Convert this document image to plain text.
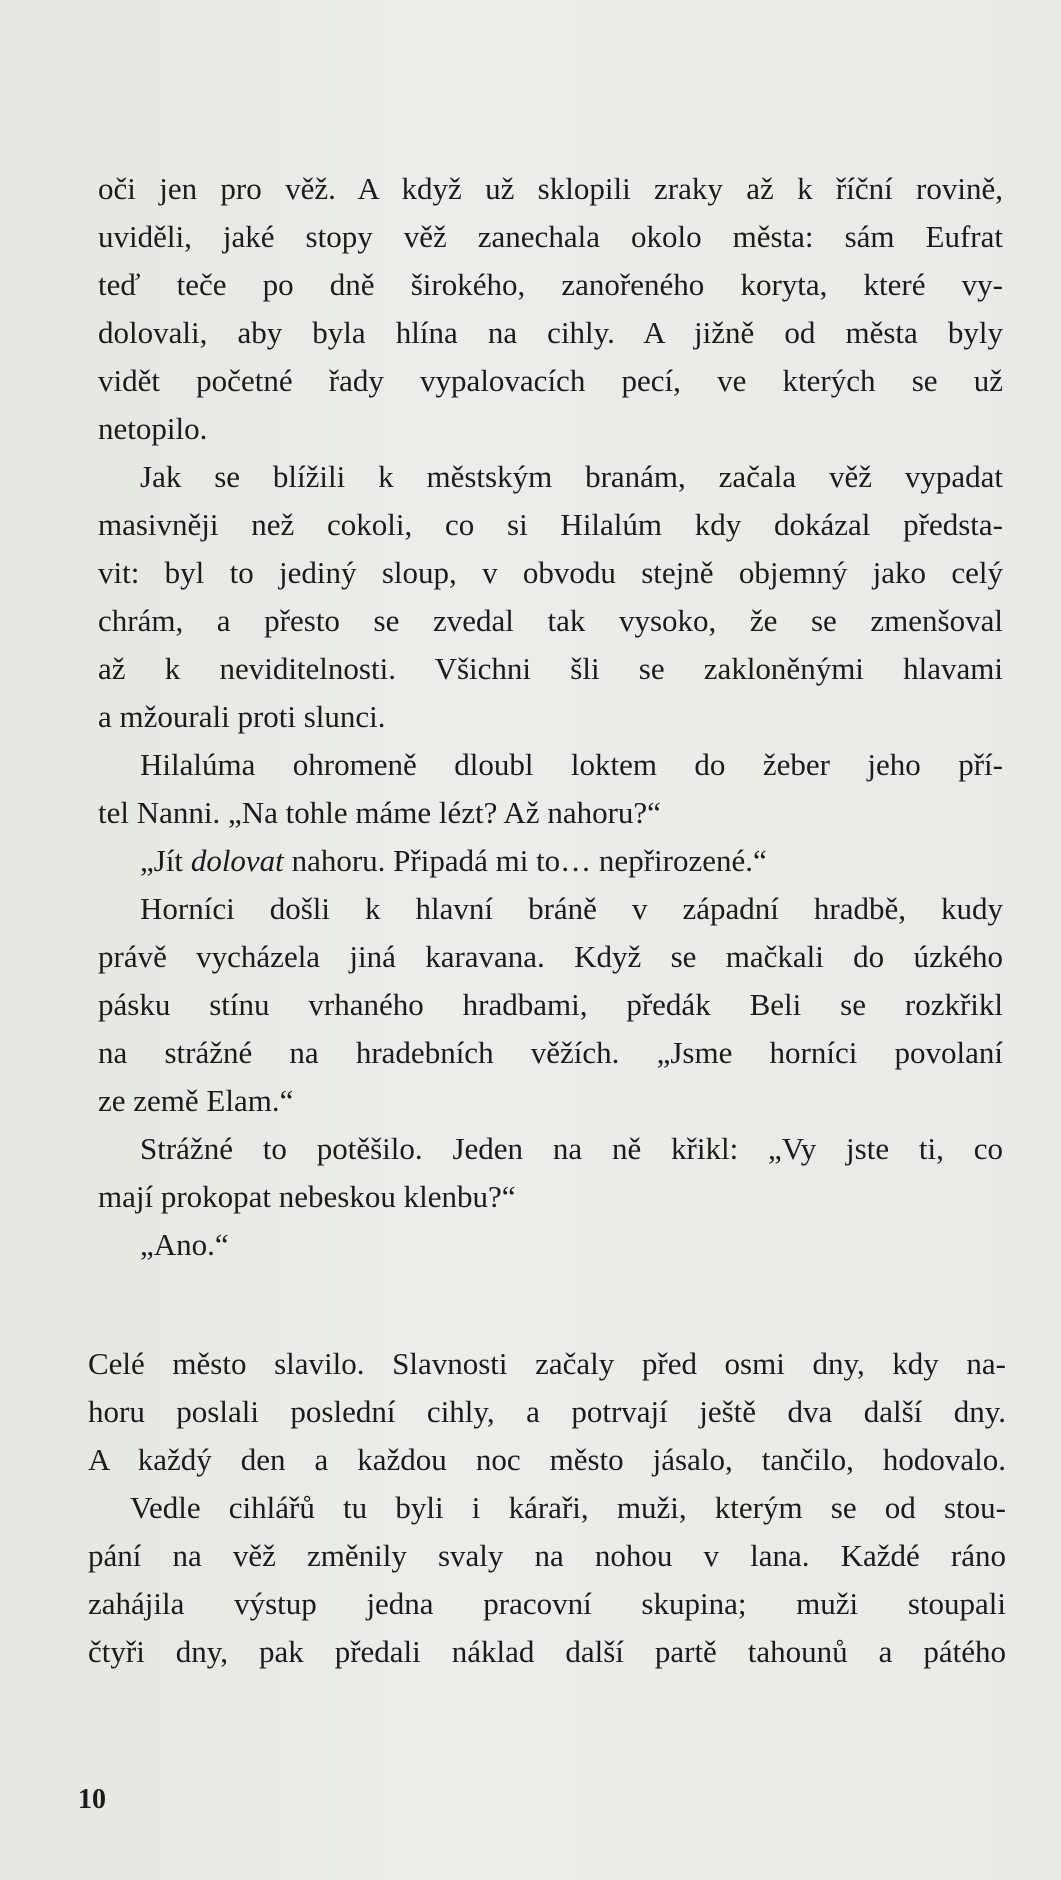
oči jen pro věž. A když už sklopili zraky až k říční rovině,
uviděli, jaké stopy věž zanechala okolo města: sám Eufrat
teď teče po dně širokého, zanořeného koryta, které vy-
dolovali, aby byla hlína na cihly. A jižně od města byly
vidět početné řady vypalovacích pecí, ve kterých se už
netopilo.
Jak se blížili k městským branám, začala věž vypadat
masivněji než cokoli, co si Hilalúm kdy dokázal předsta-
vit: byl to jediný sloup, v obvodu stejně objemný jako celý
chrám, a přesto se zvedal tak vysoko, že se zmenšoval
až k neviditelnosti. Všichni šli se zakloněnými hlavami
a mžourali proti slunci.
Hilalúma ohromeně dloubl loktem do žeber jeho pří-
tel Nanni. „Na tohle máme lézt? Až nahoru?“
„Jít dolovat nahoru. Připadá mi to… nepřirozené.“
Horníci došli k hlavní bráně v západní hradbě, kudy
právě vycházela jiná karavana. Když se mačkali do úzkého
pásku stínu vrhaného hradbami, předák Beli se rozkřikl
na strážné na hradebních věžích. „Jsme horníci povolaní
ze země Elam.“
Strážné to potěšilo. Jeden na ně křikl: „Vy jste ti, co
mají prokopat nebeskou klenbu?“
„Ano.“
Celé město slavilo. Slavnosti začaly před osmi dny, kdy na-
horu poslali poslední cihly, a potrvají ještě dva další dny.
A každý den a každou noc město jásalo, tančilo, hodovalo.
Vedle cihlářů tu byli i káraři, muži, kterým se od stou-
pání na věž změnily svaly na nohou v lana. Každé ráno
zahájila výstup jedna pracovní skupina; muži stoupali
čtyři dny, pak předali náklad další partě tahounů a pátého
10
